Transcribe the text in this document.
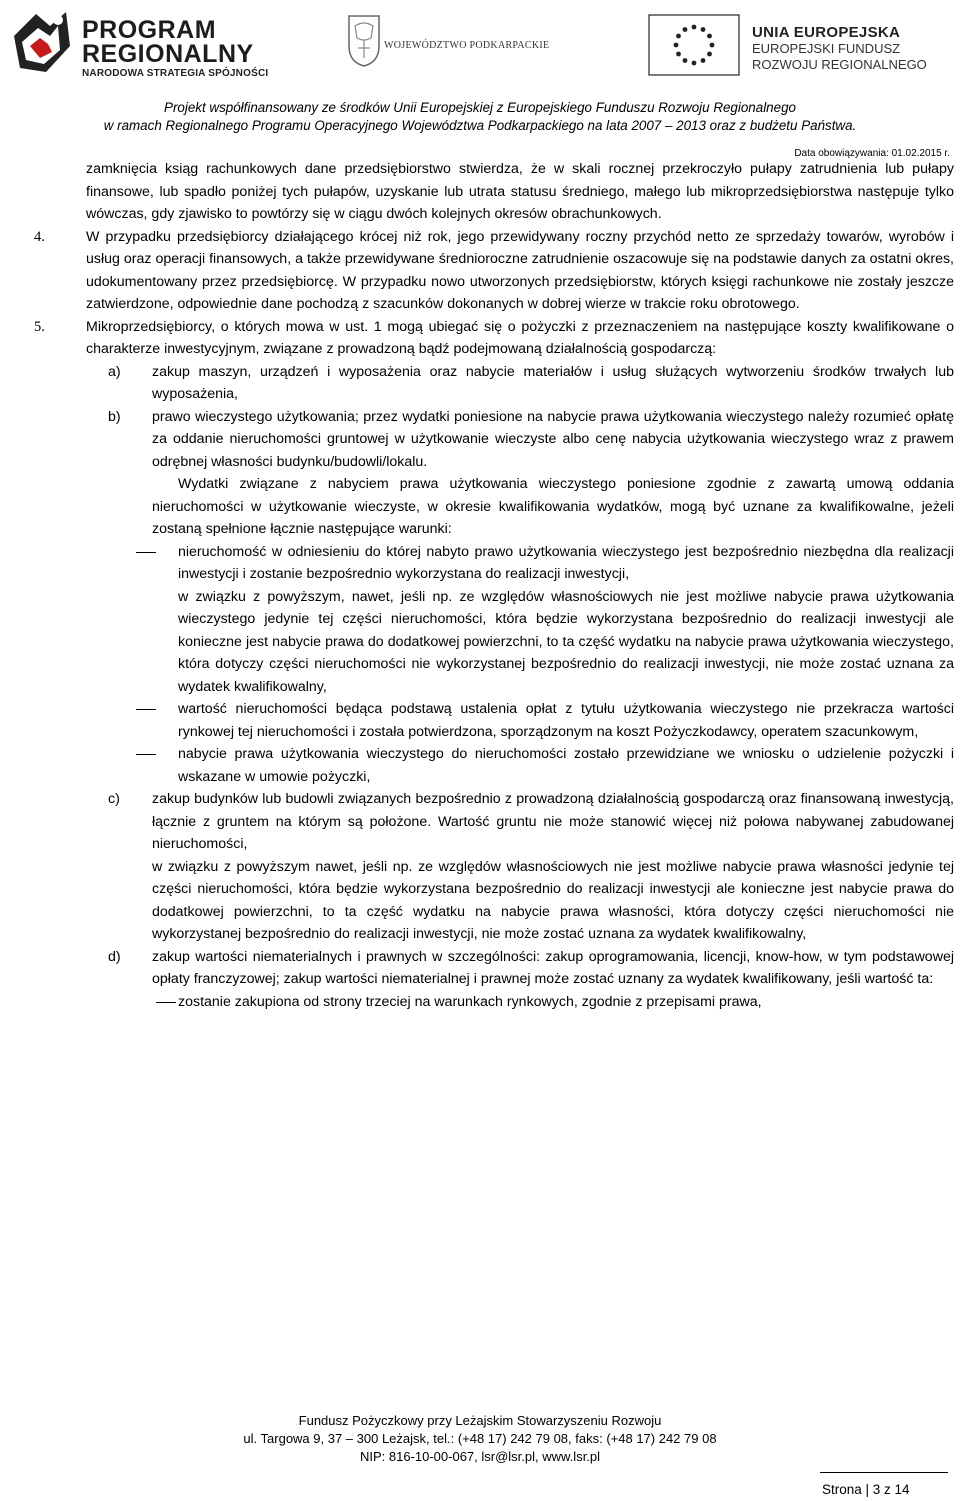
PROGRAM
REGIONALNY
NARODOWA STRATEGIA SPÓJNOŚCI
WOJEWÓDZTWO PODKARPACKIE
UNIA EUROPEJSKA
EUROPEJSKI FUNDUSZ
ROZWOJU REGIONALNEGO
Projekt współfinansowany ze środków Unii Europejskiej z Europejskiego Funduszu Rozwoju Regionalnego
w ramach Regionalnego Programu Operacyjnego Województwa Podkarpackiego na lata 2007 – 2013 oraz z budżetu Państwa.
Data obowiązywania: 01.02.2015 r.

zamknięcia ksiąg rachunkowych dane przedsiębiorstwo stwierdza, że w skali rocznej przekroczyło pułapy zatrudnienia lub pułapy finansowe, lub spadło poniżej tych pułapów, uzyskanie lub utrata statusu średniego, małego lub mikroprzedsiębiorstwa następuje tylko wówczas, gdy zjawisko to powtórzy się w ciągu dwóch kolejnych okresów obrachunkowych.

4.	W przypadku przedsiębiorcy działającego krócej niż rok, jego przewidywany roczny przychód netto ze sprzedaży towarów, wyrobów i usług oraz operacji finansowych, a także przewidywane średnioroczne zatrudnienie oszacowuje się na podstawie danych za ostatni okres, udokumentowany przez przedsiębiorcę. W przypadku nowo utworzonych przedsiębiorstw, których księgi rachunkowe nie zostały jeszcze zatwierdzone, odpowiednie dane pochodzą z szacunków dokonanych w dobrej wierze w trakcie roku obrotowego.
5.	Mikroprzedsiębiorcy, o których mowa w ust. 1 mogą ubiegać się o pożyczki z przeznaczeniem na następujące koszty kwalifikowane o charakterze inwestycyjnym, związane z prowadzoną bądź podejmowaną działalnością gospodarczą:
a) zakup maszyn, urządzeń i wyposażenia oraz nabycie materiałów i usług służących wytworzeniu środków trwałych lub wyposażenia,
b) prawo wieczystego użytkowania; przez wydatki poniesione na nabycie prawa użytkowania wieczystego należy rozumieć opłatę za oddanie nieruchomości gruntowej w użytkowanie wieczyste albo cenę nabycia użytkowania wieczystego wraz z prawem odrębnej własności budynku/budowli/lokalu.

Wydatki związane z nabyciem prawa użytkowania wieczystego poniesione zgodnie z zawartą umową oddania nieruchomości w użytkowanie wieczyste, w okresie kwalifikowania wydatków, mogą być uznane za kwalifikowalne, jeżeli zostaną spełnione łącznie następujące warunki:

nieruchomość w odniesieniu do której nabyto prawo użytkowania wieczystego jest bezpośrednio niezbędna dla realizacji inwestycji i zostanie bezpośrednio wykorzystana do realizacji inwestycji,

w związku z powyższym, nawet, jeśli np. ze względów własnościowych nie jest możliwe nabycie prawa użytkowania wieczystego jedynie tej części nieruchomości, która będzie wykorzystana bezpośrednio do realizacji inwestycji ale konieczne jest nabycie prawa do dodatkowej powierzchni, to ta część wydatku na nabycie prawa użytkowania wieczystego, która dotyczy części nieruchomości nie wykorzystanej bezpośrednio do realizacji inwestycji, nie może zostać uznana za wydatek kwalifikowalny,

wartość nieruchomości będąca podstawą ustalenia opłat z tytułu użytkowania wieczystego nie przekracza wartości rynkowej tej nieruchomości i została potwierdzona, sporządzonym na koszt Pożyczkodawcy, operatem szacunkowym,
nabycie prawa użytkowania wieczystego do nieruchomości zostało przewidziane we wniosku o udzielenie pożyczki i wskazane w umowie pożyczki,
c) zakup budynków lub budowli związanych bezpośrednio z prowadzoną działalnością gospodarczą oraz finansowaną inwestycją, łącznie z gruntem na którym są położone. Wartość gruntu nie może stanowić więcej niż połowa nabywanej zabudowanej nieruchomości,

w związku z powyższym nawet, jeśli np. ze względów własnościowych nie jest możliwe nabycie prawa własności jedynie tej części nieruchomości, która będzie wykorzystana bezpośrednio do realizacji inwestycji ale konieczne jest nabycie prawa do dodatkowej powierzchni, to ta część wydatku na nabycie prawa własności, która dotyczy części nieruchomości nie wykorzystanej bezpośrednio do realizacji inwestycji, nie może zostać uznana za wydatek kwalifikowalny,

d) zakup wartości niematerialnych i prawnych w szczególności: zakup oprogramowania, licencji, know-how, w tym podstawowej opłaty franczyzowej; zakup wartości niematerialnej i prawnej może zostać uznany za wydatek kwalifikowany, jeśli wartość ta:
zostanie zakupiona od strony trzeciej na warunkach rynkowych, zgodnie z przepisami prawa,
Fundusz Pożyczkowy przy Leżajskim Stowarzyszeniu Rozwoju
ul. Targowa 9, 37 – 300 Leżajsk, tel.: (+48 17) 242 79 08, faks: (+48 17) 242 79 08
NIP: 816-10-00-067, lsr@lsr.pl, www.lsr.pl
Strona | 3 z 14
